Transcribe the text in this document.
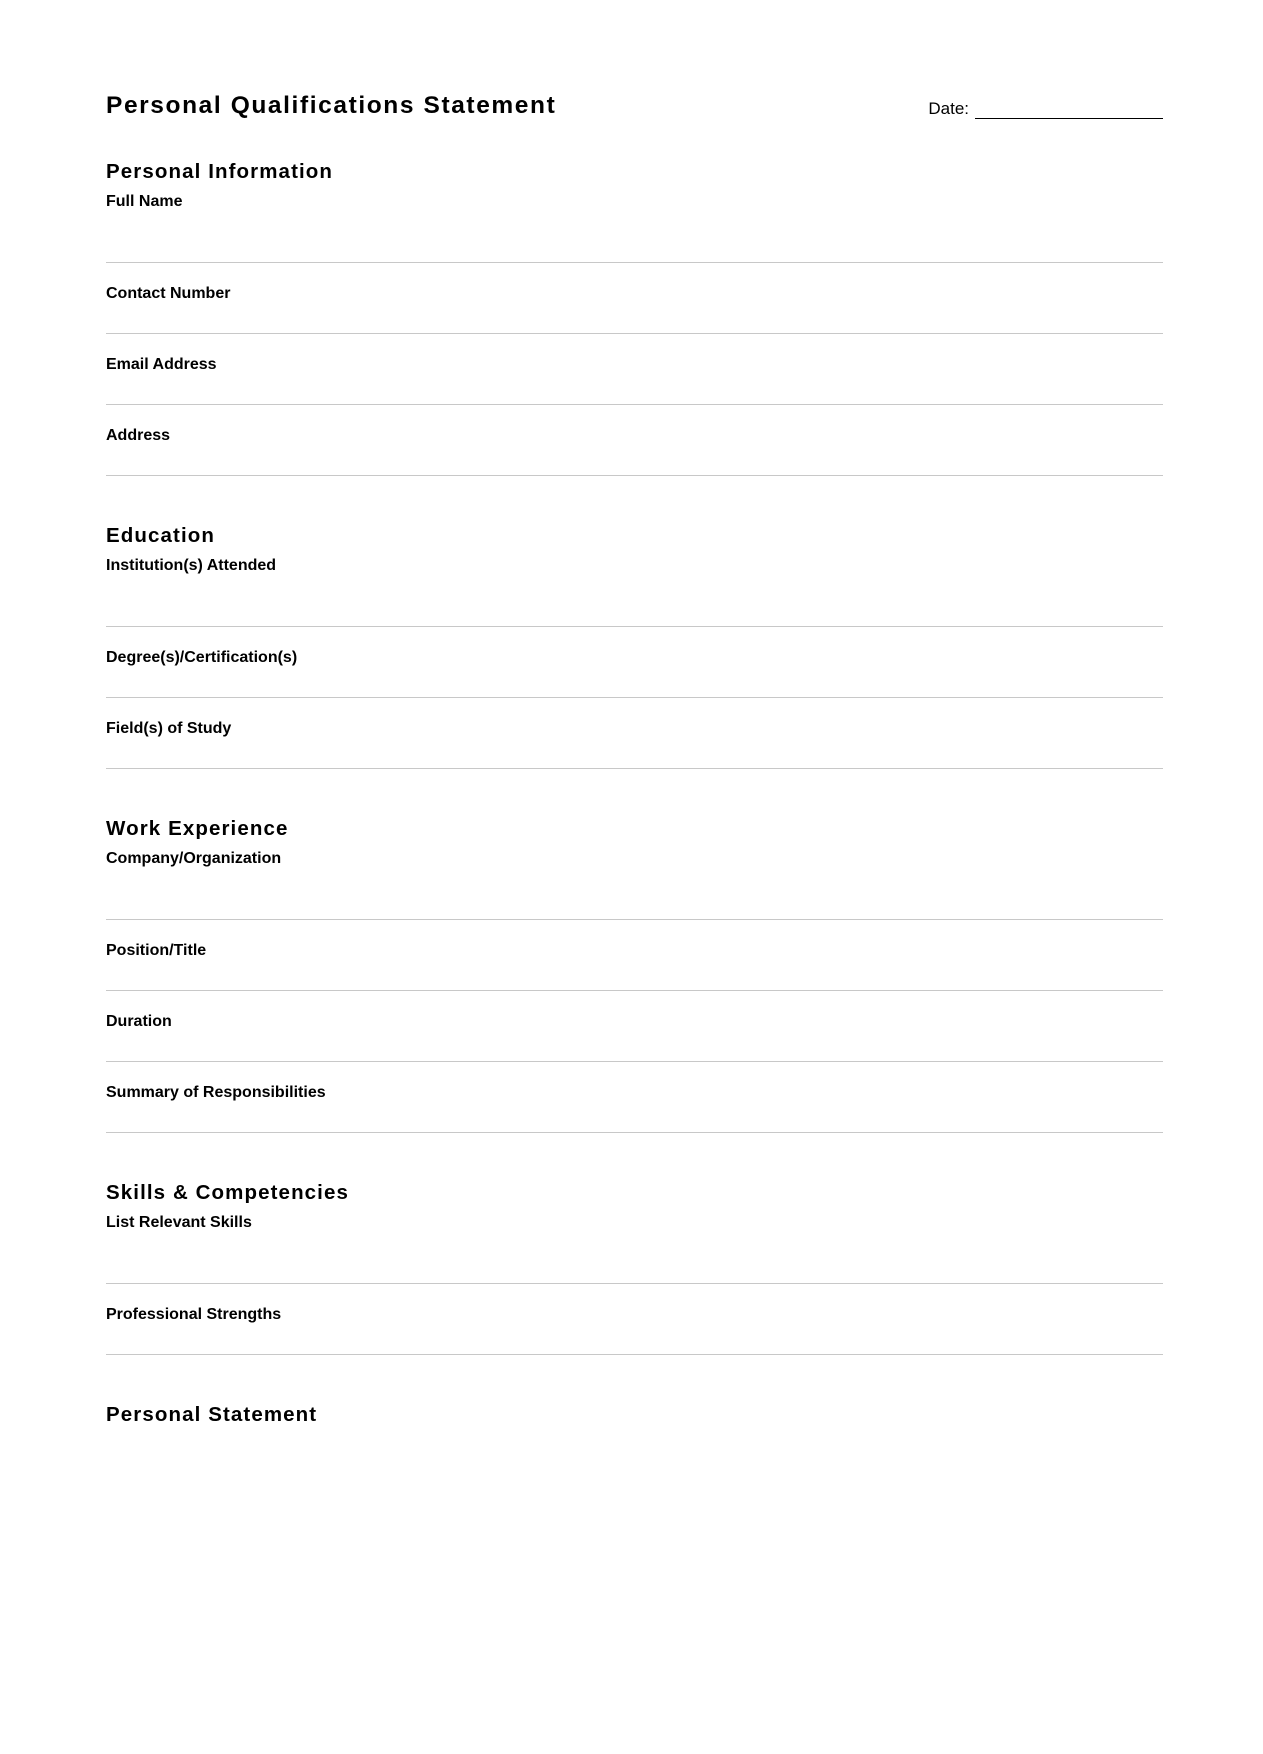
Personal Qualifications Statement	Date:
Personal Information
Full Name
Contact Number
Email Address
Address
Education
Institution(s) Attended
Degree(s)/Certification(s)
Field(s) of Study
Work Experience
Company/Organization
Position/Title
Duration
Summary of Responsibilities
Skills & Competencies
List Relevant Skills
Professional Strengths
Personal Statement
